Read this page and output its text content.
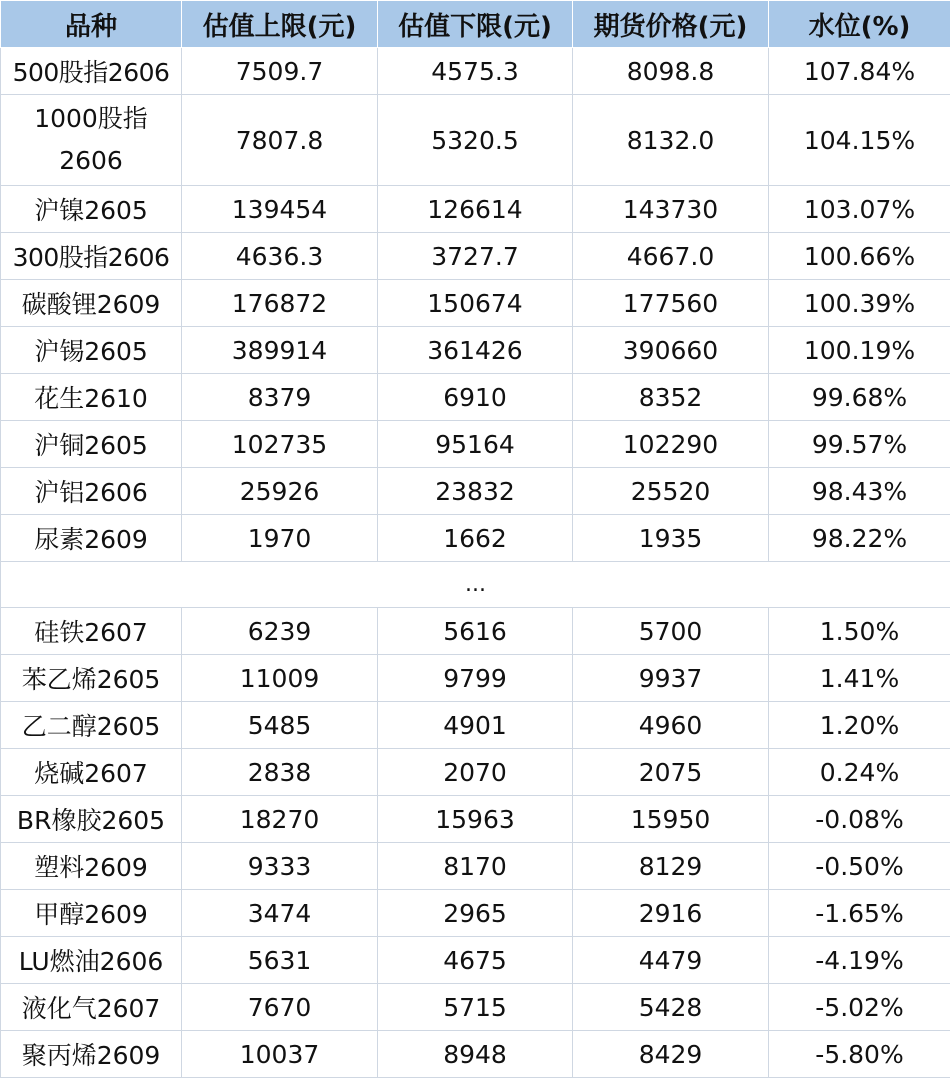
品种	估值上限(元)	估值下限(元)	期货价格(元)	水位(%)
500股指2606	7509.7	4575.3	8098.8	107.84%
1000股指
2606	7807.8	5320.5	8132.0	104.15%
沪镍2605	139454	126614	143730	103.07%
300股指2606	4636.3	3727.7	4667.0	100.66%
碳酸锂2609	176872	150674	177560	100.39%
沪锡2605	389914	361426	390660	100.19%
花生2610	8379	6910	8352	99.68%
沪铜2605	102735	95164	102290	99.57%
沪铝2606	25926	23832	25520	98.43%
尿素2609	1970	1662	1935	98.22%
...				
硅铁2607	6239	5616	5700	1.50%
苯乙烯2605	11009	9799	9937	1.41%
乙二醇2605	5485	4901	4960	1.20%
烧碱2607	2838	2070	2075	0.24%
BR橡胶2605	18270	15963	15950	-0.08%
塑料2609	9333	8170	8129	-0.50%
甲醇2609	3474	2965	2916	-1.65%
LU燃油2606	5631	4675	4479	-4.19%
液化气2607	7670	5715	5428	-5.02%
聚丙烯2609	10037	8948	8429	-5.80%
